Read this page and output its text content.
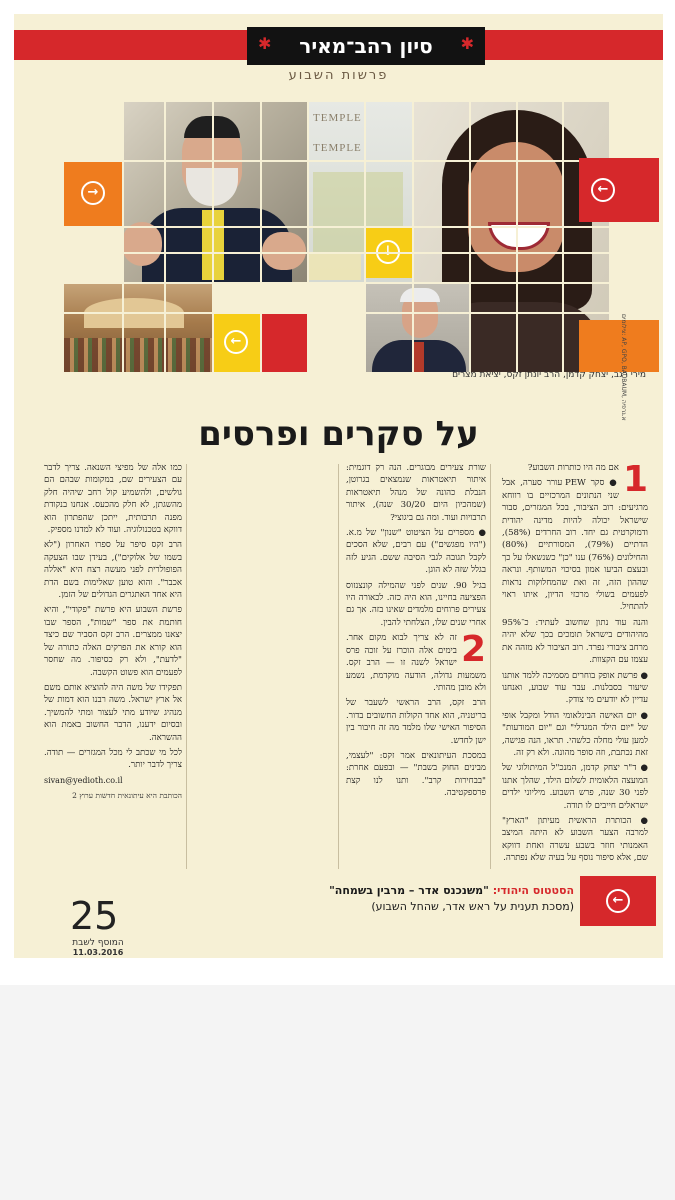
✱	סיון רהב־מאיר	✱
פרשות השבוע
TEMPLE
TEMPLE
→
←
←
צילומים: AP, GPO, BAUBAUM, א.גרפיה
מירי רגב, יצחק קדמן, הרב יונתן זקס, יציאת מצרים
על סקרים ופרסים

1
אם מה היו כותרות השבוע?

● סקר PEW עורר סערה, אבל שני הנתונים המרכזיים בו רווחא מרגיעים: רוב הציבור, בכל המגזרים, סבור שישראל יכולה להיות מדינה יהודית ודמוקרטית גם יחד. רוב החרדים (58%), הדתיים (79%), המסורתיים (80%) והחילונים (76%) ענו "כן" כשנשאלו על כך ובעצם הביעו אמון בסיכוי המשותף. ונראה שההון הזה, זה ואת שהמחלוקות נראות לפעמים בשולי מרכזי הדיון, איתו ראוי להתחיל.

והנה עוד נתון שחשוב לעתיד: כ־95% מהיהודים בישראל תומכים בכך שלא יהיה מרחב ציבורי נפרד. רוב הציבור לא מזהה את עצמו עם הקצוות.

● פרשת אופק בוחרים מסמיכה ללמד אותנו שיעור בסבלנות. עבר עוד שבוע, ואנחנו עדיין לא יודעים מי צודק.

● יום האישה הבינלאומי הודל ומקבל אופי של "יום הילד המגדלי" וגם "יום המודעות" למען עולי מחלה כלשהי. תראו, הנה פגישה, זאת נכתבת, וזה סופר מהונה. ולא רק זה.

● ד"ר יצחק קדמן, המנכ"ל המיתולוגי של המועצה הלאומית לשלום הילד, שהלך אתנו לפני 30 שנה, פרש השבוע. מיליוני ילדים ישראלים חייבים לו תודה.

● הכותרת הראשית מעיתון "הארץ" למרבה הצער השבוע לא היתה המיצב האמנותי חוזר בשבע עשרה ואחת דווקא שם, אלא סיפור נוסף על בעיה שלא נפתרה.

שורת צעירים מבוגרים. הנה רק דוגמית: איתור תיאטראות שנמצאים בגרוטן, הנבלת כהונה של מנהל תיאטראות (שמהכיון היום 30/20 שנה), איתור תרבויות ועוד. ומה גם ביגוצי?

● מספרים על הציטוט "שנון" של מ.א. ("היו מפגשים") עם רבים, שלא הסכים לקבל תגובה לגבי הסיבה ששם. הגיע לזה בגלל שזה לא הוגן.

בגיל 90. שנים לפני שהמילה קונצנזוס הפציעה בחיינו, הוא היה כזה. לכאורה היו צעירים פרוחים מלמדים שאינו בזה. אך גם אחרי שנים שלו, הצלחתי להבין.

2
זה לא צריך לבוא מקום אחר. בימים אלה הוכרז על זוכה פרס ישראל לשנה זו — הרב זקס. משמעות גדולה, הודעה מוקדמת, נשמע ולא מובן מהותי.

הרב זקס, הרב הראשי לשעבר של בריטניה, הוא אחד הקולות החשובים בדור. הסיפור האישי שלו מלמד מה זה חיבור בין ישן לחדש.

במסכת העיתונאים אמר זקס: "לעצמי, מבינים החוק בשבת" — ובפעם אחרת: "בבחירות קרב". ותנו לנו קצת פרספקטיבה.

כמו אלה של מפיצי השנאה. צריך לדבר עם הצעירים שם, במקומות שבהם הם גולשים, ולהשמיע קול רחב שיהיה חלק מהשגתן, לא חלק מהכעס. אנחנו בנקודת מפנה תרבותית, ייתכן שהפתרון הוא דווקא בטכנולוגיה. ועוד לא למדנו מספיק.

הרב זקס סיפר על ספרו האחרון ("לא בשמו של אלוקים"), בעידן שבו הצעקה הפופולרית לפני מעשה רצח היא "אללה אכבר". והוא טוען שאלימות בשם הדת היא אחד האתגרים הגדולים של הזמן.

פרשת השבוע היא פרשת "פקודי", והיא חותמת את ספר "שמות", הספר שבו יצאנו ממצרים. הרב זקס הסביר שם כיצד הוא קורא את הפרקים האלה כתורה של "לדעת", ולא רק כסיפור. מה שחסר לפעמים הוא פשוט הקשבה.

תפקידו של משה היה להוציא אותם משם אל ארץ ישראל. משה רבנו הוא דמות של מנהיג שיודע מתי לעצור ומתי להמשיך. ובסיום ידענו, הדבר החשוב באמת הוא ההשראה.

לכל מי שכתב לי מכל המגזרים — תודה. צריך לדבר יותר.

sivan@yedioth.co.il

הכותבת היא עיתונאית חדשות ערוץ 2

←
הסטטוס היהודי: "משנכנס אדר – מרבין בשמחה"
(מסכת תענית על ראש אדר, שהחל השבוע)
25
המוסף לשבת
11.03.2016
